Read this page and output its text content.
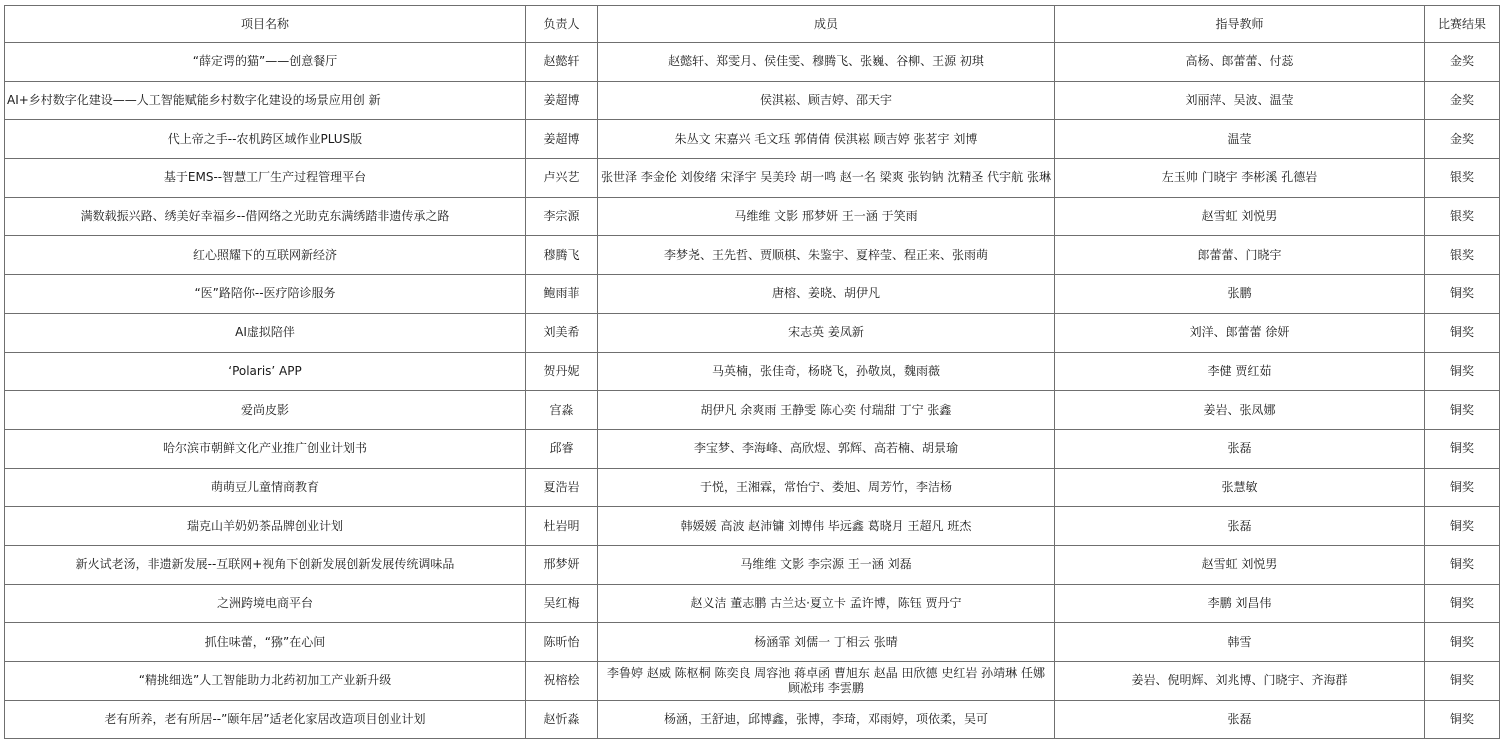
项目名称	负责人	成员	指导教师	比赛结果
“薛定谔的猫”——创意餐厅	赵懿轩	赵懿轩、郑雯月、侯佳雯、穆腾飞、张巍、谷柳、王源 初琪	高杨、郎蕾蕾、付蕊	金奖
AI+乡村数字化建设——人工智能赋能乡村数字化建设的场景应用创 新	姜超博	侯淇崧、顾吉婷、邵天宇	刘丽萍、吴波、温莹	金奖
代上帝之手--农机跨区域作业PLUS版	姜超博	朱丛文 宋嘉兴 毛文珏 郭倩倩 侯淇崧 顾吉婷 张茗宇 刘博	温莹	金奖
基于EMS--智慧工厂生产过程管理平台	卢兴艺	张世泽 李金伦 刘俊绪 宋泽宇 吴美玲 胡一鸣 赵一名 梁爽 张钧钠 沈精圣 代宇航 张琳	左玉帅 门晓宇 李彬溪 孔德岩	银奖
满数载振兴路、绣美好幸福乡--借网络之光助克东满绣踏非遗传承之路	李宗源	马维维 文影 邢梦妍 王一涵 于笑雨	赵雪虹 刘悦男	银奖
红心照耀下的互联网新经济	穆腾飞	李梦尧、王先哲、贾顺棋、朱鉴宇、夏梓莹、程正来、张雨萌	郎蕾蕾、门晓宇	银奖
“医”路陪你--医疗陪诊服务	鲍雨菲	唐榕、姜晓、胡伊凡	张鹏	铜奖
AI虚拟陪伴	刘美希	宋志英 姜凤新	刘洋、郎蕾蕾 徐妍	铜奖
‘Polaris’ APP	贺丹妮	马英楠，张佳奇，杨晓飞，孙敬岚，魏雨薇	李健 贾红茹	铜奖
爱尚皮影	宫淼	胡伊凡 余爽雨 王静雯 陈心奕 付瑞甜 丁宁 张鑫	姜岩、张凤娜	铜奖
哈尔滨市朝鲜文化产业推广创业计划书	邱睿	李宝梦、李海峰、高欣煜、郭辉、高若楠、胡景瑜	张磊	铜奖
萌萌豆儿童情商教育	夏浩岩	于悦，王湘霖，常怡宁、娄旭、周芳竹，李洁杨	张慧敏	铜奖
瑞克山羊奶奶茶品牌创业计划	杜岩明	韩媛媛 高波 赵沛镛 刘博伟 毕远鑫 葛晓月 王超凡 班杰	张磊	铜奖
新火试老汤，非遗新发展--互联网+视角下创新发展创新发展传统调味品	邢梦妍	马维维 文影 李宗源 王一涵 刘磊	赵雪虹 刘悦男	铜奖
之洲跨境电商平台	吴红梅	赵义洁 董志鹏 古兰达·夏立卡 孟许博，陈钰 贾丹宁	李鹏 刘昌伟	铜奖
抓住味蕾，“猕”在心间	陈昕怡	杨涵霏 刘儒一 丁相云 张晴	韩雪	铜奖
“精挑细选”人工智能助力北药初加工产业新升级	祝榕桧	李鲁婷 赵威 陈枢桐 陈奕良 周容池 蒋卓函 曹旭东 赵晶 田欣德 史红岩 孙靖琳 任娜 顾凇玮 李雲鹏	姜岩、倪明辉、刘兆博、门晓宇、齐海群	铜奖
老有所养，老有所居--”颐年居”适老化家居改造项目创业计划	赵忻淼	杨涵，王舒迪，邱博鑫，张博，李琦，邓雨婷，项依柔，吴可	张磊	铜奖
